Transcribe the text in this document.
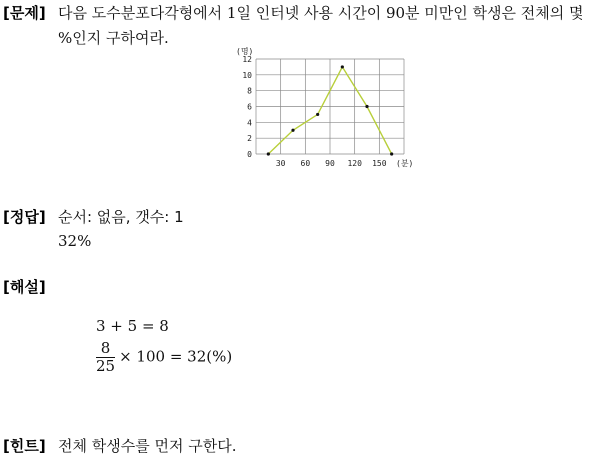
[문제] 다음 도수분포다각형에서 1일 인터넷 사용 시간이 90분 미만인 학생은 전체의 몇
%인지 구하여라.
(명)
(분)
0
2
4
6
8
10
12
30 60 90 120 150
[정답] 순서: 없음, 갯수: 1
32%
[해설]
3 + 5 = 8
$\frac{8}{25} \times 100 = 32(\%)$
[힌트] 전체 학생수를 먼저 구한다.
